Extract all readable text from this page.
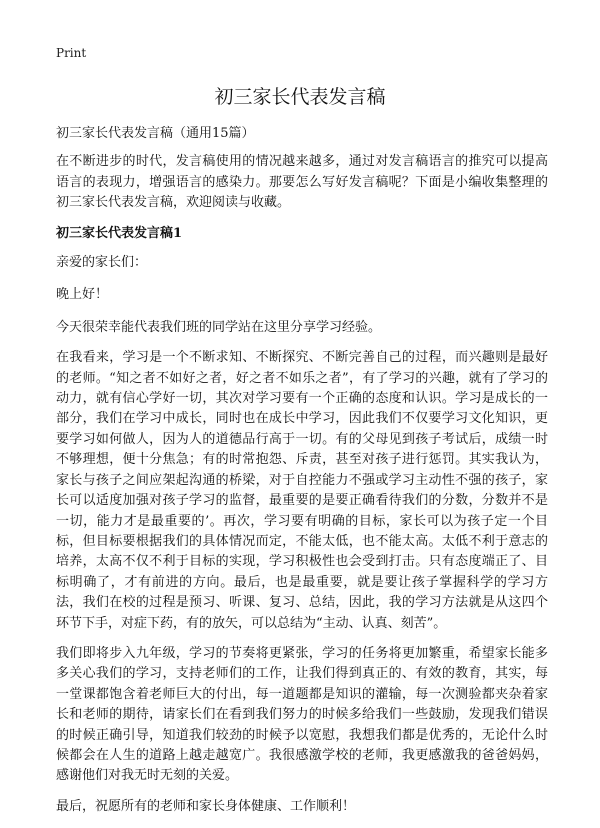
Print
初三家长代表发言稿

初三家长代表发言稿（通用15篇）

在不断进步的时代，发言稿使用的情况越来越多，通过对发言稿语言的推究可以提高语言的表现力，增强语言的感染力。那要怎么写好发言稿呢？下面是小编收集整理的初三家长代表发言稿，欢迎阅读与收藏。

初三家长代表发言稿1

亲爱的家长们：

晚上好！

今天很荣幸能代表我们班的同学站在这里分享学习经验。

在我看来，学习是一个不断求知、不断探究、不断完善自己的过程，而兴趣则是最好的老师。“知之者不如好之者，好之者不如乐之者”，有了学习的兴趣，就有了学习的动力，就有信心学好一切，其次对学习要有一个正确的态度和认识。学习是成长的一部分，我们在学习中成长，同时也在成长中学习，因此我们不仅要学习文化知识，更要学习如何做人，因为人的道德品行高于一切。有的父母见到孩子考试后，成绩一时不够理想，便十分焦急；有的时常抱怨、斥责，甚至对孩子进行惩罚。其实我认为，家长与孩子之间应架起沟通的桥梁，对于自控能力不强或学习主动性不强的孩子，家长可以适度加强对孩子学习的监督，最重要的是要正确看待我们的分数，分数并不是一切，能力才是最重要的’。再次，学习要有明确的目标，家长可以为孩子定一个目标，但目标要根据我们的具体情况而定，不能太低，也不能太高。太低不利于意志的培养，太高不仅不利于目标的实现，学习积极性也会受到打击。只有态度端正了、目标明确了，才有前进的方向。最后，也是最重要，就是要让孩子掌握科学的学习方法，我们在校的过程是预习、听课、复习、总结，因此，我的学习方法就是从这四个环节下手，对症下药，有的放矢，可以总结为“主动、认真、刻苦”。

我们即将步入九年级，学习的节奏将更紧张，学习的任务将更加繁重，希望家长能多多关心我们的学习，支持老师们的工作，让我们得到真正的、有效的教育，其实，每一堂课都饱含着老师巨大的付出，每一道题都是知识的灌输，每一次测验都夹杂着家长和老师的期待，请家长们在看到我们努力的时候多给我们一些鼓励，发现我们错误的时候正确引导，知道我们较劲的时候予以宽慰，我想我们都是优秀的，无论什么时候都会在人生的道路上越走越宽广。我很感激学校的老师，我更感激我的爸爸妈妈，感谢他们对我无时无刻的关爱。

最后，祝愿所有的老师和家长身体健康、工作顺利！
